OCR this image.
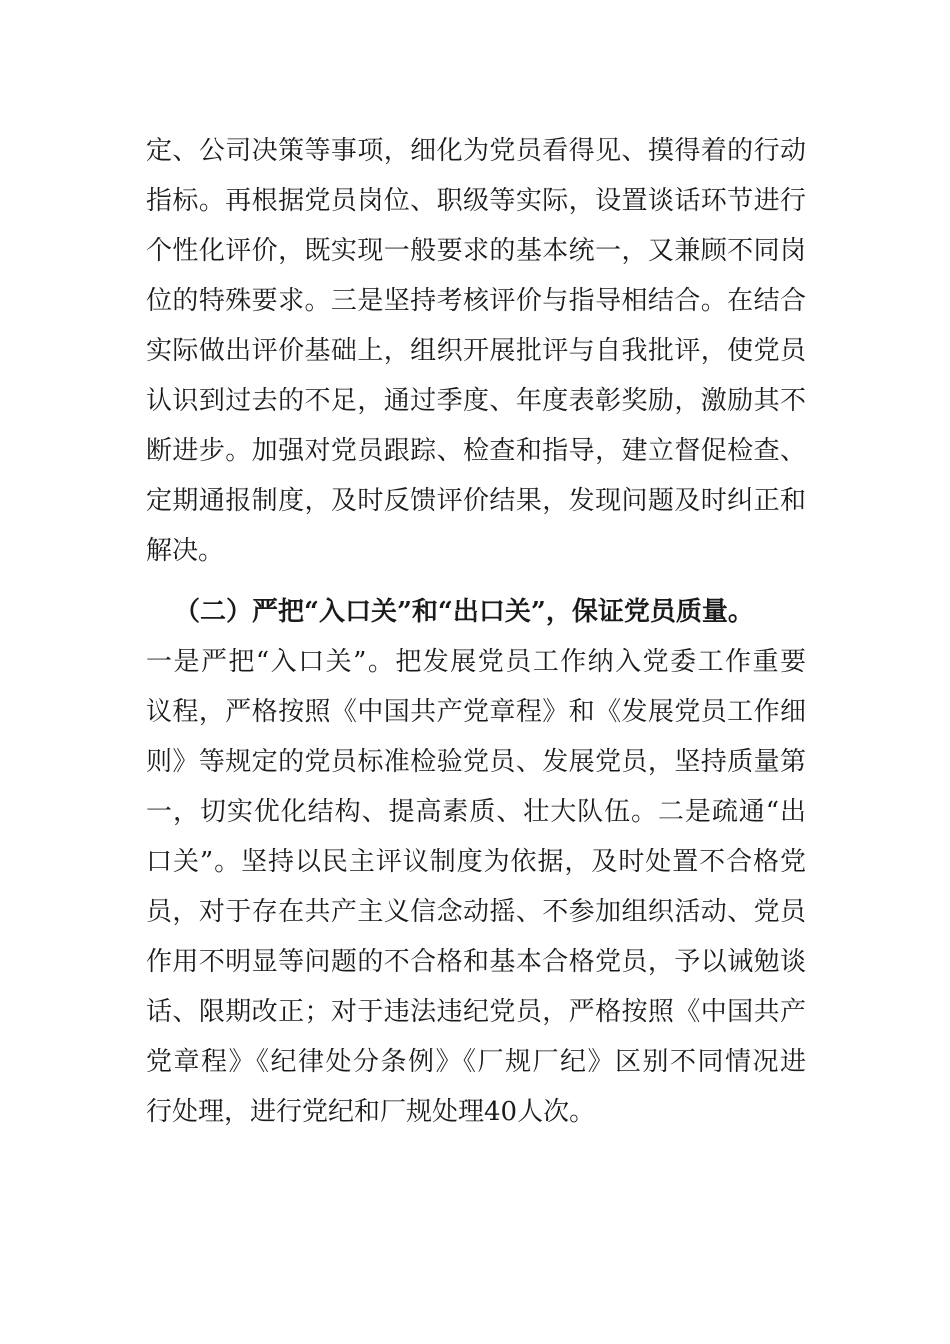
定、公司决策等事项，细化为党员看得见、摸得着的行动
指标。再根据党员岗位、职级等实际，设置谈话环节进行
个性化评价，既实现一般要求的基本统一，又兼顾不同岗
位的特殊要求。三是坚持考核评价与指导相结合。在结合
实际做出评价基础上，组织开展批评与自我批评，使党员
认识到过去的不足，通过季度、年度表彰奖励，激励其不
断进步。加强对党员跟踪、检查和指导，建立督促检查、
定期通报制度，及时反馈评价结果，发现问题及时纠正和
解决。
（二）严把“入口关”和“出口关”，保证党员质量。
一是严把“入口关”。把发展党员工作纳入党委工作重要
议程，严格按照《中国共产党章程》和《发展党员工作细
则》等规定的党员标准检验党员、发展党员，坚持质量第
一，切实优化结构、提高素质、壮大队伍。二是疏通“出
口关”。坚持以民主评议制度为依据，及时处置不合格党
员，对于存在共产主义信念动摇、不参加组织活动、党员
作用不明显等问题的不合格和基本合格党员，予以诫勉谈
话、限期改正；对于违法违纪党员，严格按照《中国共产
党章程》《纪律处分条例》《厂规厂纪》区别不同情况进
行处理，进行党纪和厂规处理40人次。
